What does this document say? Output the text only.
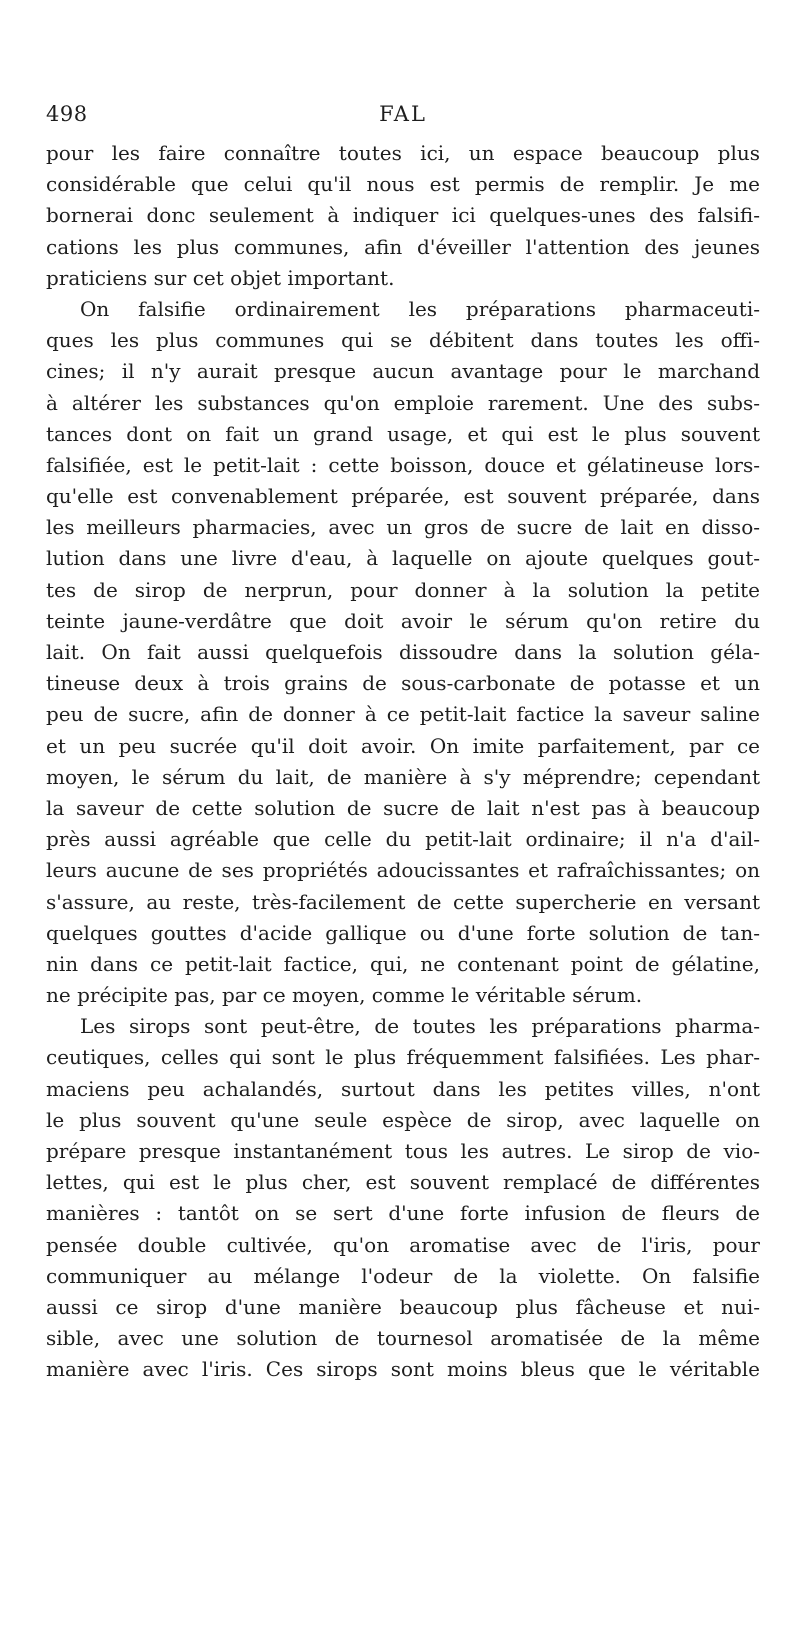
498	FAL
pour les faire connaître toutes ici, un espace beaucoup plus
considérable que celui qu'il nous est permis de remplir. Je me
bornerai donc seulement à indiquer ici quelques-unes des falsifi-
cations les plus communes, afin d'éveiller l'attention des jeunes
praticiens sur cet objet important.
On falsifie ordinairement les préparations pharmaceuti-
ques les plus communes qui se débitent dans toutes les offi-
cines; il n'y aurait presque aucun avantage pour le marchand
à altérer les substances qu'on emploie rarement. Une des subs-
tances dont on fait un grand usage, et qui est le plus souvent
falsifiée, est le petit-lait : cette boisson, douce et gélatineuse lors-
qu'elle est convenablement préparée, est souvent préparée, dans
les meilleurs pharmacies, avec un gros de sucre de lait en disso-
lution dans une livre d'eau, à laquelle on ajoute quelques gout-
tes de sirop de nerprun, pour donner à la solution la petite
teinte jaune-verdâtre que doit avoir le sérum qu'on retire du
lait. On fait aussi quelquefois dissoudre dans la solution géla-
tineuse deux à trois grains de sous-carbonate de potasse et un
peu de sucre, afin de donner à ce petit-lait factice la saveur saline
et un peu sucrée qu'il doit avoir. On imite parfaitement, par ce
moyen, le sérum du lait, de manière à s'y méprendre; cependant
la saveur de cette solution de sucre de lait n'est pas à beaucoup
près aussi agréable que celle du petit-lait ordinaire; il n'a d'ail-
leurs aucune de ses propriétés adoucissantes et rafraîchissantes; on
s'assure, au reste, très-facilement de cette supercherie en versant
quelques gouttes d'acide gallique ou d'une forte solution de tan-
nin dans ce petit-lait factice, qui, ne contenant point de gélatine,
ne précipite pas, par ce moyen, comme le véritable sérum.
Les sirops sont peut-être, de toutes les préparations pharma-
ceutiques, celles qui sont le plus fréquemment falsifiées. Les phar-
maciens peu achalandés, surtout dans les petites villes, n'ont
le plus souvent qu'une seule espèce de sirop, avec laquelle on
prépare presque instantanément tous les autres. Le sirop de vio-
lettes, qui est le plus cher, est souvent remplacé de différentes
manières : tantôt on se sert d'une forte infusion de fleurs de
pensée double cultivée, qu'on aromatise avec de l'iris, pour
communiquer au mélange l'odeur de la violette. On falsifie
aussi ce sirop d'une manière beaucoup plus fâcheuse et nui-
sible, avec une solution de tournesol aromatisée de la même
manière avec l'iris. Ces sirops sont moins bleus que le véritable
